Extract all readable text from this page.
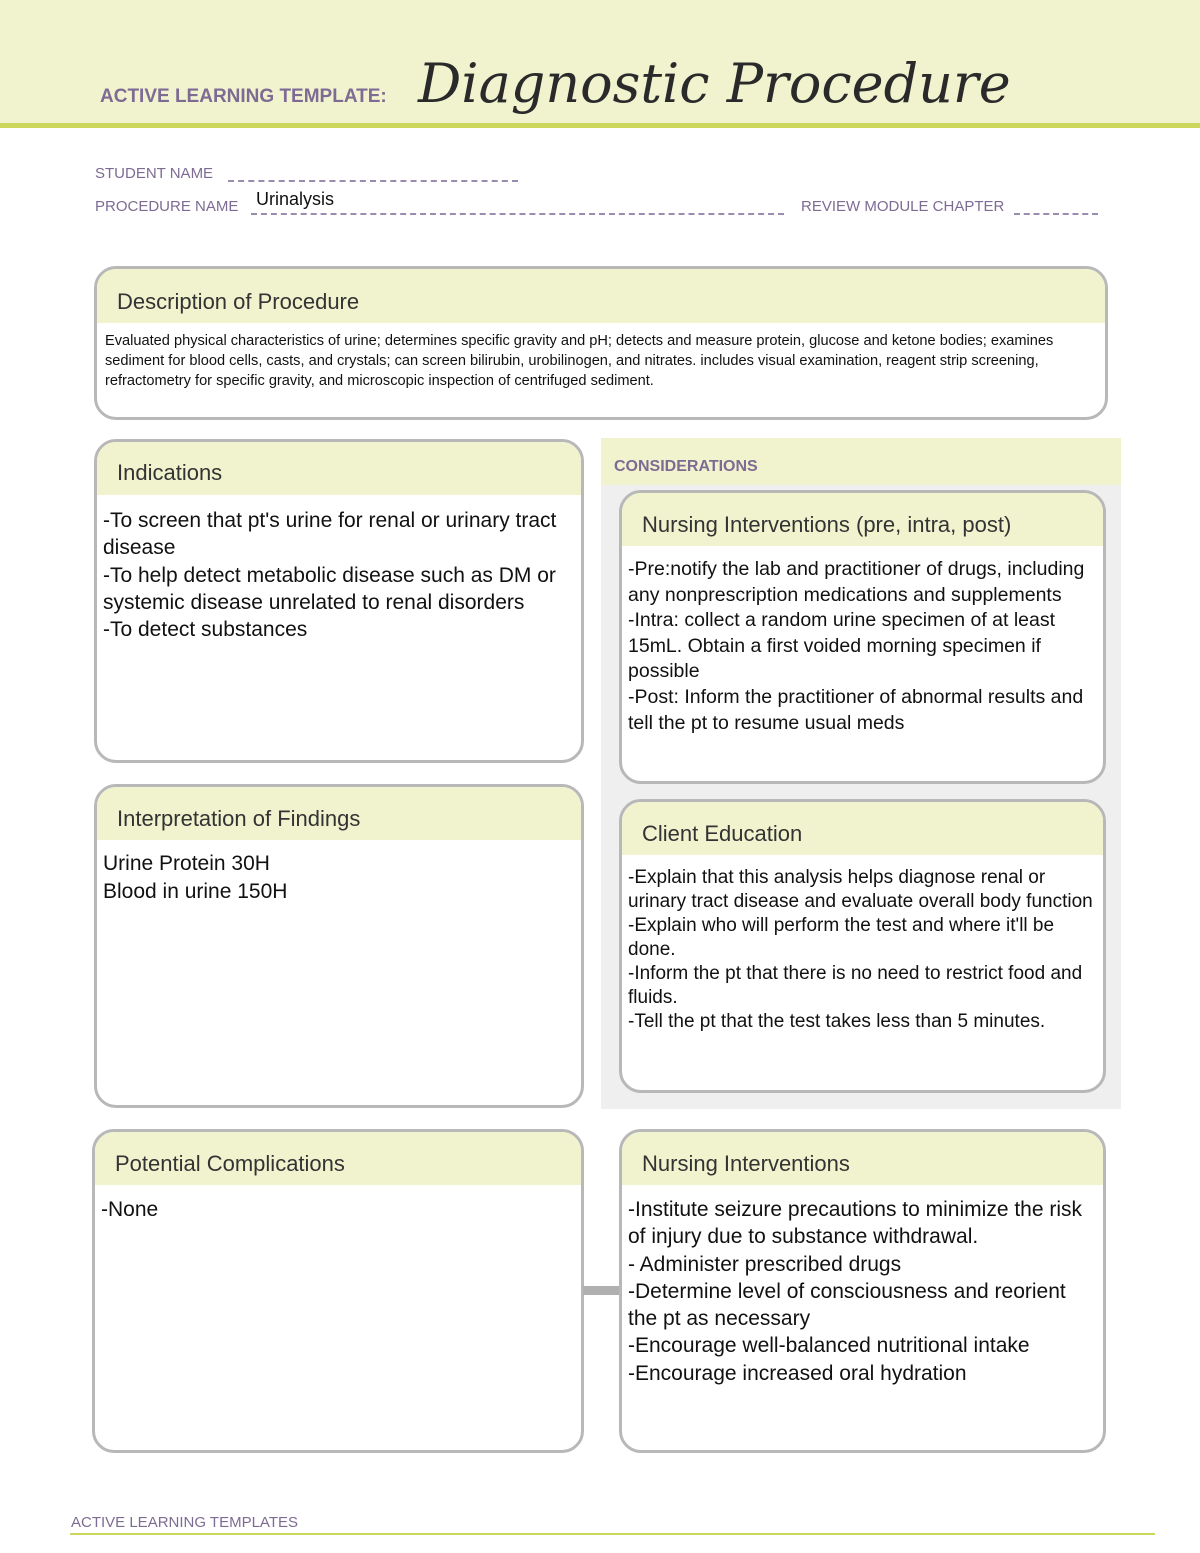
ACTIVE LEARNING TEMPLATE: Diagnostic Procedure
STUDENT NAME
PROCEDURE NAME Urinalysis	REVIEW MODULE CHAPTER
Description of Procedure
Evaluated physical characteristics of urine; determines specific gravity and pH; detects and measure protein, glucose and ketone bodies; examines sediment for blood cells, casts, and crystals; can screen bilirubin, urobilinogen, and nitrates. includes visual examination, reagent strip screening, refractometry for specific gravity, and microscopic inspection of centrifuged sediment.
Indications
-To screen that pt's urine for renal or urinary tract disease
-To help detect metabolic disease such as DM or systemic disease unrelated to renal disorders
-To detect substances
Interpretation of Findings
Urine Protein 30H
Blood in urine 150H
Potential Complications
-None
CONSIDERATIONS
Nursing Interventions (pre, intra, post)
-Pre:notify the lab and practitioner of drugs, including any nonprescription medications and supplements
-Intra: collect a random urine specimen of at least 15mL. Obtain a first voided morning specimen if possible
-Post: Inform the practitioner of abnormal results and tell the pt to resume usual meds
Client Education
-Explain that this analysis helps diagnose renal or urinary tract disease and evaluate overall body function
-Explain who will perform the test and where it'll be done.
-Inform the pt that there is no need to restrict food and fluids.
-Tell the pt that the test takes less than 5 minutes.
Nursing Interventions
-Institute seizure precautions to minimize the risk of injury due to substance withdrawal.
- Administer prescribed drugs
-Determine level of consciousness and reorient the pt as necessary
-Encourage well-balanced nutritional intake
-Encourage increased oral hydration
ACTIVE LEARNING TEMPLATES
